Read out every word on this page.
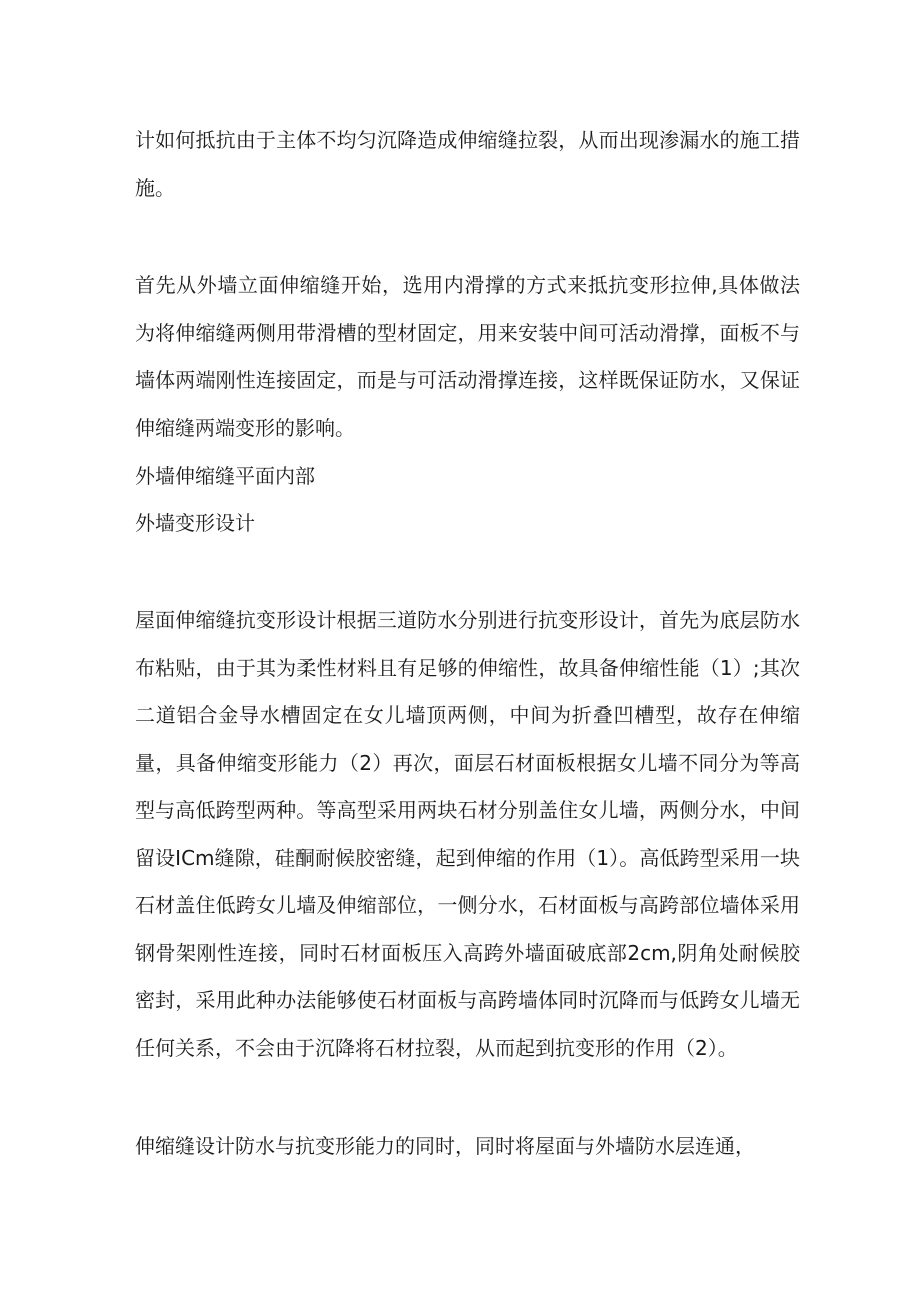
计如何抵抗由于主体不均匀沉降造成伸缩缝拉裂，从而出现渗漏水的施工措施。

首先从外墙立面伸缩缝开始，选用内滑撑的方式来抵抗变形拉伸,具体做法为将伸缩缝两侧用带滑槽的型材固定，用来安装中间可活动滑撑，面板不与墙体两端刚性连接固定，而是与可活动滑撑连接，这样既保证防水，又保证伸缩缝两端变形的影响。

外墙伸缩缝平面内部

外墙变形设计

屋面伸缩缝抗变形设计根据三道防水分别进行抗变形设计，首先为底层防水布粘贴，由于其为柔性材料且有足够的伸缩性，故具备伸缩性能（1）;其次二道铝合金导水槽固定在女儿墙顶两侧，中间为折叠凹槽型，故存在伸缩量，具备伸缩变形能力（2）再次，面层石材面板根据女儿墙不同分为等高型与高低跨型两种。等高型采用两块石材分别盖住女儿墙，两侧分水，中间留设ICm缝隙，硅酮耐候胶密缝，起到伸缩的作用（1）。高低跨型采用一块石材盖住低跨女儿墙及伸缩部位，一侧分水，石材面板与高跨部位墙体采用钢骨架刚性连接，同时石材面板压入高跨外墙面破底部2cm,阴角处耐候胶密封，采用此种办法能够使石材面板与高跨墙体同时沉降而与低跨女儿墙无任何关系，不会由于沉降将石材拉裂，从而起到抗变形的作用（2）。

伸缩缝设计防水与抗变形能力的同时，同时将屋面与外墙防水层连通，
